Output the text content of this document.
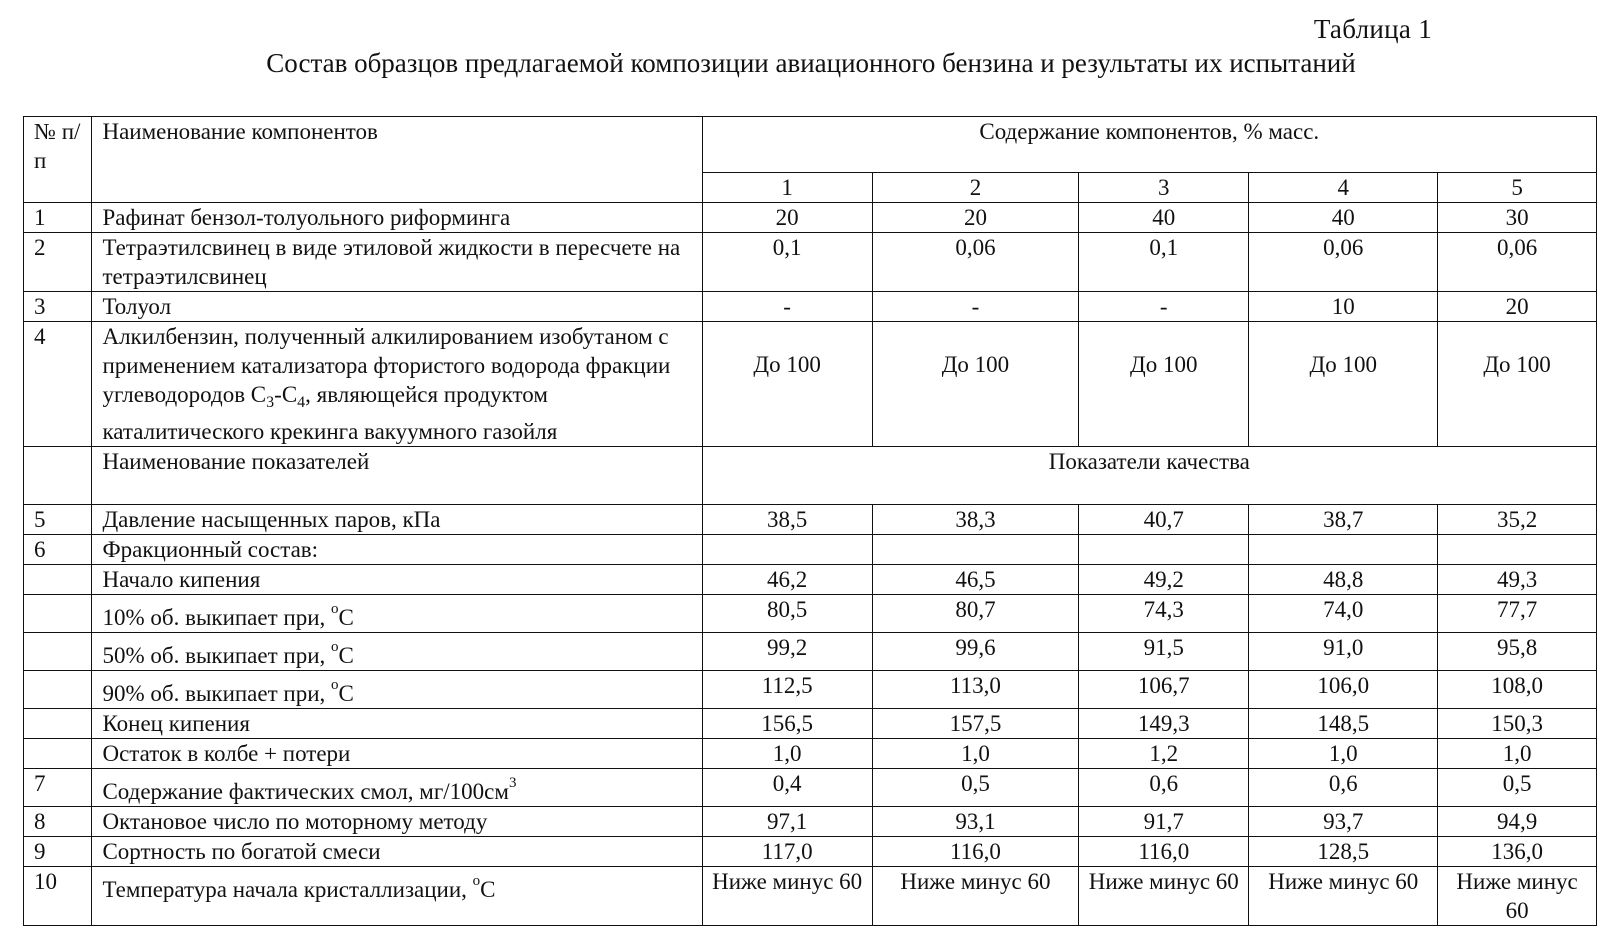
Таблица 1
Состав образцов предлагаемой композиции авиационного бензина и результаты их испытаний
№ п/п	Наименование компонентов	Содержание компонентов, % масс.				
		1	2	3	4	5
1	Рафинат бензол-толуольного риформинга	20	20	40	40	30
2	Тетраэтилсвинец в виде этиловой жидкости в пересчете на тетраэтилсвинец	0,1	0,06	0,1	0,06	0,06
3	Толуол	-	-	-	10	20
4	Алкилбензин, полученный алкилированием изобутаном с применением катализатора фтористого водорода фракции углеводородов $C_3-C_4$, являющейся продуктом каталитического крекинга вакуумного газойля	До 100	До 100	До 100	До 100	До 100
	Наименование показателей	Показатели качества				
5	Давление насыщенных паров, кПа	38,5	38,3	40,7	38,7	35,2
6	Фракционный состав:					
	Начало кипения	46,2	46,5	49,2	48,8	49,3
	10% об. выкипает при, $^o$C	80,5	80,7	74,3	74,0	77,7
	50% об. выкипает при, $^o$C	99,2	99,6	91,5	91,0	95,8
	90% об. выкипает при, $^o$C	112,5	113,0	106,7	106,0	108,0
	Конец кипения	156,5	157,5	149,3	148,5	150,3
	Остаток в колбе + потери	1,0	1,0	1,2	1,0	1,0
7	Содержание фактических смол, $мг/100см^3$	0,4	0,5	0,6	0,6	0,5
8	Октановое число по моторному методу	97,1	93,1	91,7	93,7	94,9
9	Сортность по богатой смеси	117,0	116,0	116,0	128,5	136,0
10	Температура начала кристаллизации, $^o$C	Ниже минус 60	Ниже минус 60	Ниже минус 60	Ниже минус 60	Ниже минус 60
